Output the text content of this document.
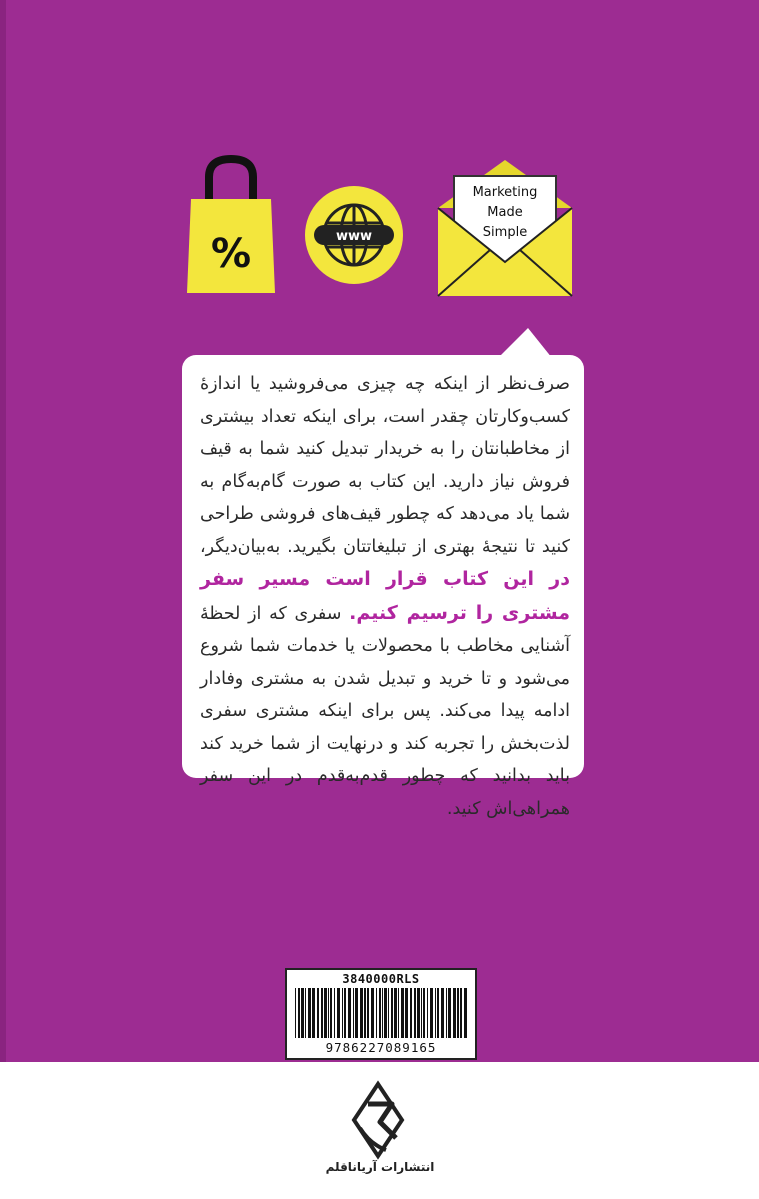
%	www
Marketing
Made
Simple

صرف‌نظر از اینکه چه چیزی می‌فروشید یا اندازهٔ کسب‌وکارتان چقدر است، برای اینکه تعداد بیشتری از مخاطبانتان را به خریدار تبدیل کنید شما به قیف فروش نیاز دارید. این کتاب به صورت گام‌به‌گام به شما یاد می‌دهد که چطور قیف‌های فروشی طراحی کنید تا نتیجهٔ بهتری از تبلیغاتتان بگیرید. به‌بیان‌دیگر، در این کتاب قرار است مسیر سفر مشتری را ترسیم کنیم. سفری که از لحظهٔ آشنایی مخاطب با محصولات یا خدمات شما شروع می‌شود و تا خرید و تبدیل شدن به مشتری وفادار ادامه پیدا می‌کند. پس برای اینکه مشتری سفری لذت‌بخش را تجربه کند و درنهایت از شما خرید کند باید بدانید که چطور قدم‌به‌قدم در این سفر همراهی‌اش کنید.

3840000RLS
9786227089165
انتشارات آریاناقلم
